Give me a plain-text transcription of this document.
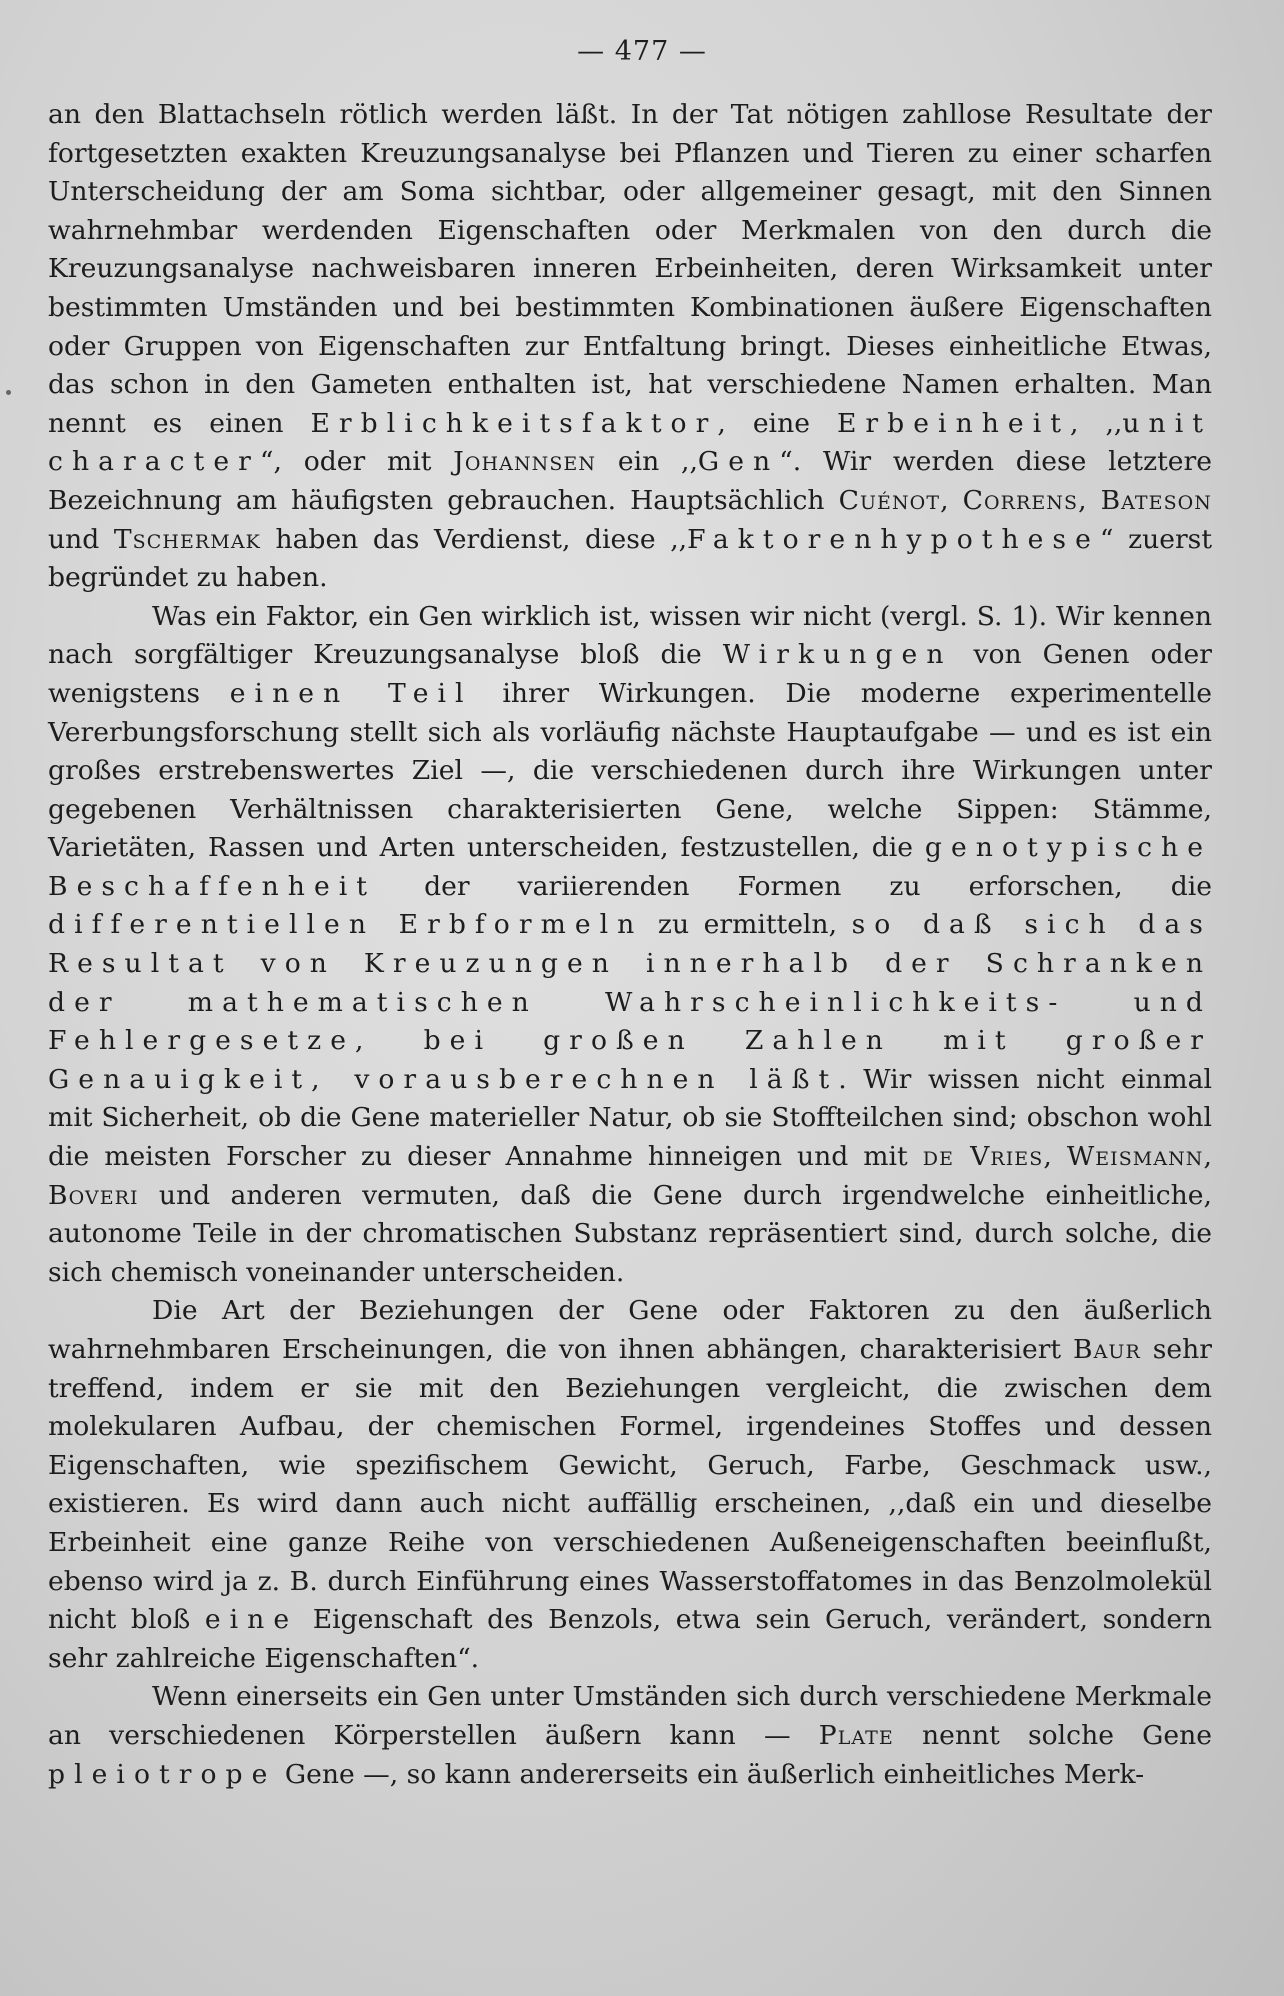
— 477 —

an den Blattachseln rötlich werden läßt. In der Tat nötigen zahllose Resultate der fortgesetzten exakten Kreuzungsanalyse bei Pflanzen und Tieren zu einer scharfen Unterscheidung der am Soma sichtbar, oder allgemeiner gesagt, mit den Sinnen wahrnehmbar werdenden Eigenschaften oder Merkmalen von den durch die Kreuzungsanalyse nachweisbaren inneren Erbeinheiten, deren Wirksamkeit unter bestimmten Umständen und bei bestimmten Kombinationen äußere Eigenschaften oder Gruppen von Eigenschaften zur Entfaltung bringt. Dieses einheitliche Etwas, das schon in den Gameten enthalten ist, hat verschiedene Namen erhalten. Man nennt es einen Erblichkeitsfaktor, eine Erbeinheit, ,,unit character“, oder mit Johannsen ein ,,Gen“. Wir werden diese letztere Bezeichnung am häufigsten gebrauchen. Hauptsächlich Cuénot, Correns, Bateson und Tschermak haben das Verdienst, diese ,,Faktorenhypothese“ zuerst begründet zu haben.

Was ein Faktor, ein Gen wirklich ist, wissen wir nicht (vergl. S. 1). Wir kennen nach sorgfältiger Kreuzungsanalyse bloß die Wirkungen von Genen oder wenigstens einen Teil ihrer Wirkungen. Die moderne experimentelle Vererbungsforschung stellt sich als vorläufig nächste Hauptaufgabe — und es ist ein großes erstrebenswertes Ziel —, die verschiedenen durch ihre Wirkungen unter gegebenen Verhältnissen charakterisierten Gene, welche Sippen: Stämme, Varietäten, Rassen und Arten unterscheiden, festzustellen, die genotypische Beschaffenheit der variierenden Formen zu erforschen, die differentiellen Erbformeln zu ermitteln, so daß sich das Resultat von Kreuzungen innerhalb der Schranken der mathematischen Wahrscheinlichkeits- und Fehlergesetze, bei großen Zahlen mit großer Genauigkeit, vorausberechnen läßt. Wir wissen nicht einmal mit Sicherheit, ob die Gene materieller Natur, ob sie Stoffteilchen sind; obschon wohl die meisten Forscher zu dieser Annahme hinneigen und mit de Vries, Weismann, Boveri und anderen vermuten, daß die Gene durch irgendwelche einheitliche, autonome Teile in der chromatischen Substanz repräsentiert sind, durch solche, die sich chemisch voneinander unterscheiden.

Die Art der Beziehungen der Gene oder Faktoren zu den äußerlich wahrnehmbaren Erscheinungen, die von ihnen abhängen, charakterisiert Baur sehr treffend, indem er sie mit den Beziehungen vergleicht, die zwischen dem molekularen Aufbau, der chemischen Formel, irgendeines Stoffes und dessen Eigenschaften, wie spezifischem Gewicht, Geruch, Farbe, Geschmack usw., existieren. Es wird dann auch nicht auffällig erscheinen, ,,daß ein und dieselbe Erbeinheit eine ganze Reihe von verschiedenen Außeneigenschaften beeinflußt, ebenso wird ja z. B. durch Einführung eines Wasserstoffatomes in das Benzolmolekül nicht bloß eine Eigenschaft des Benzols, etwa sein Geruch, verändert, sondern sehr zahlreiche Eigenschaften“.

Wenn einerseits ein Gen unter Umständen sich durch verschiedene Merkmale an verschiedenen Körperstellen äußern kann — Plate nennt solche Gene pleiotrope Gene —, so kann andererseits ein äußerlich einheitliches Merk-
